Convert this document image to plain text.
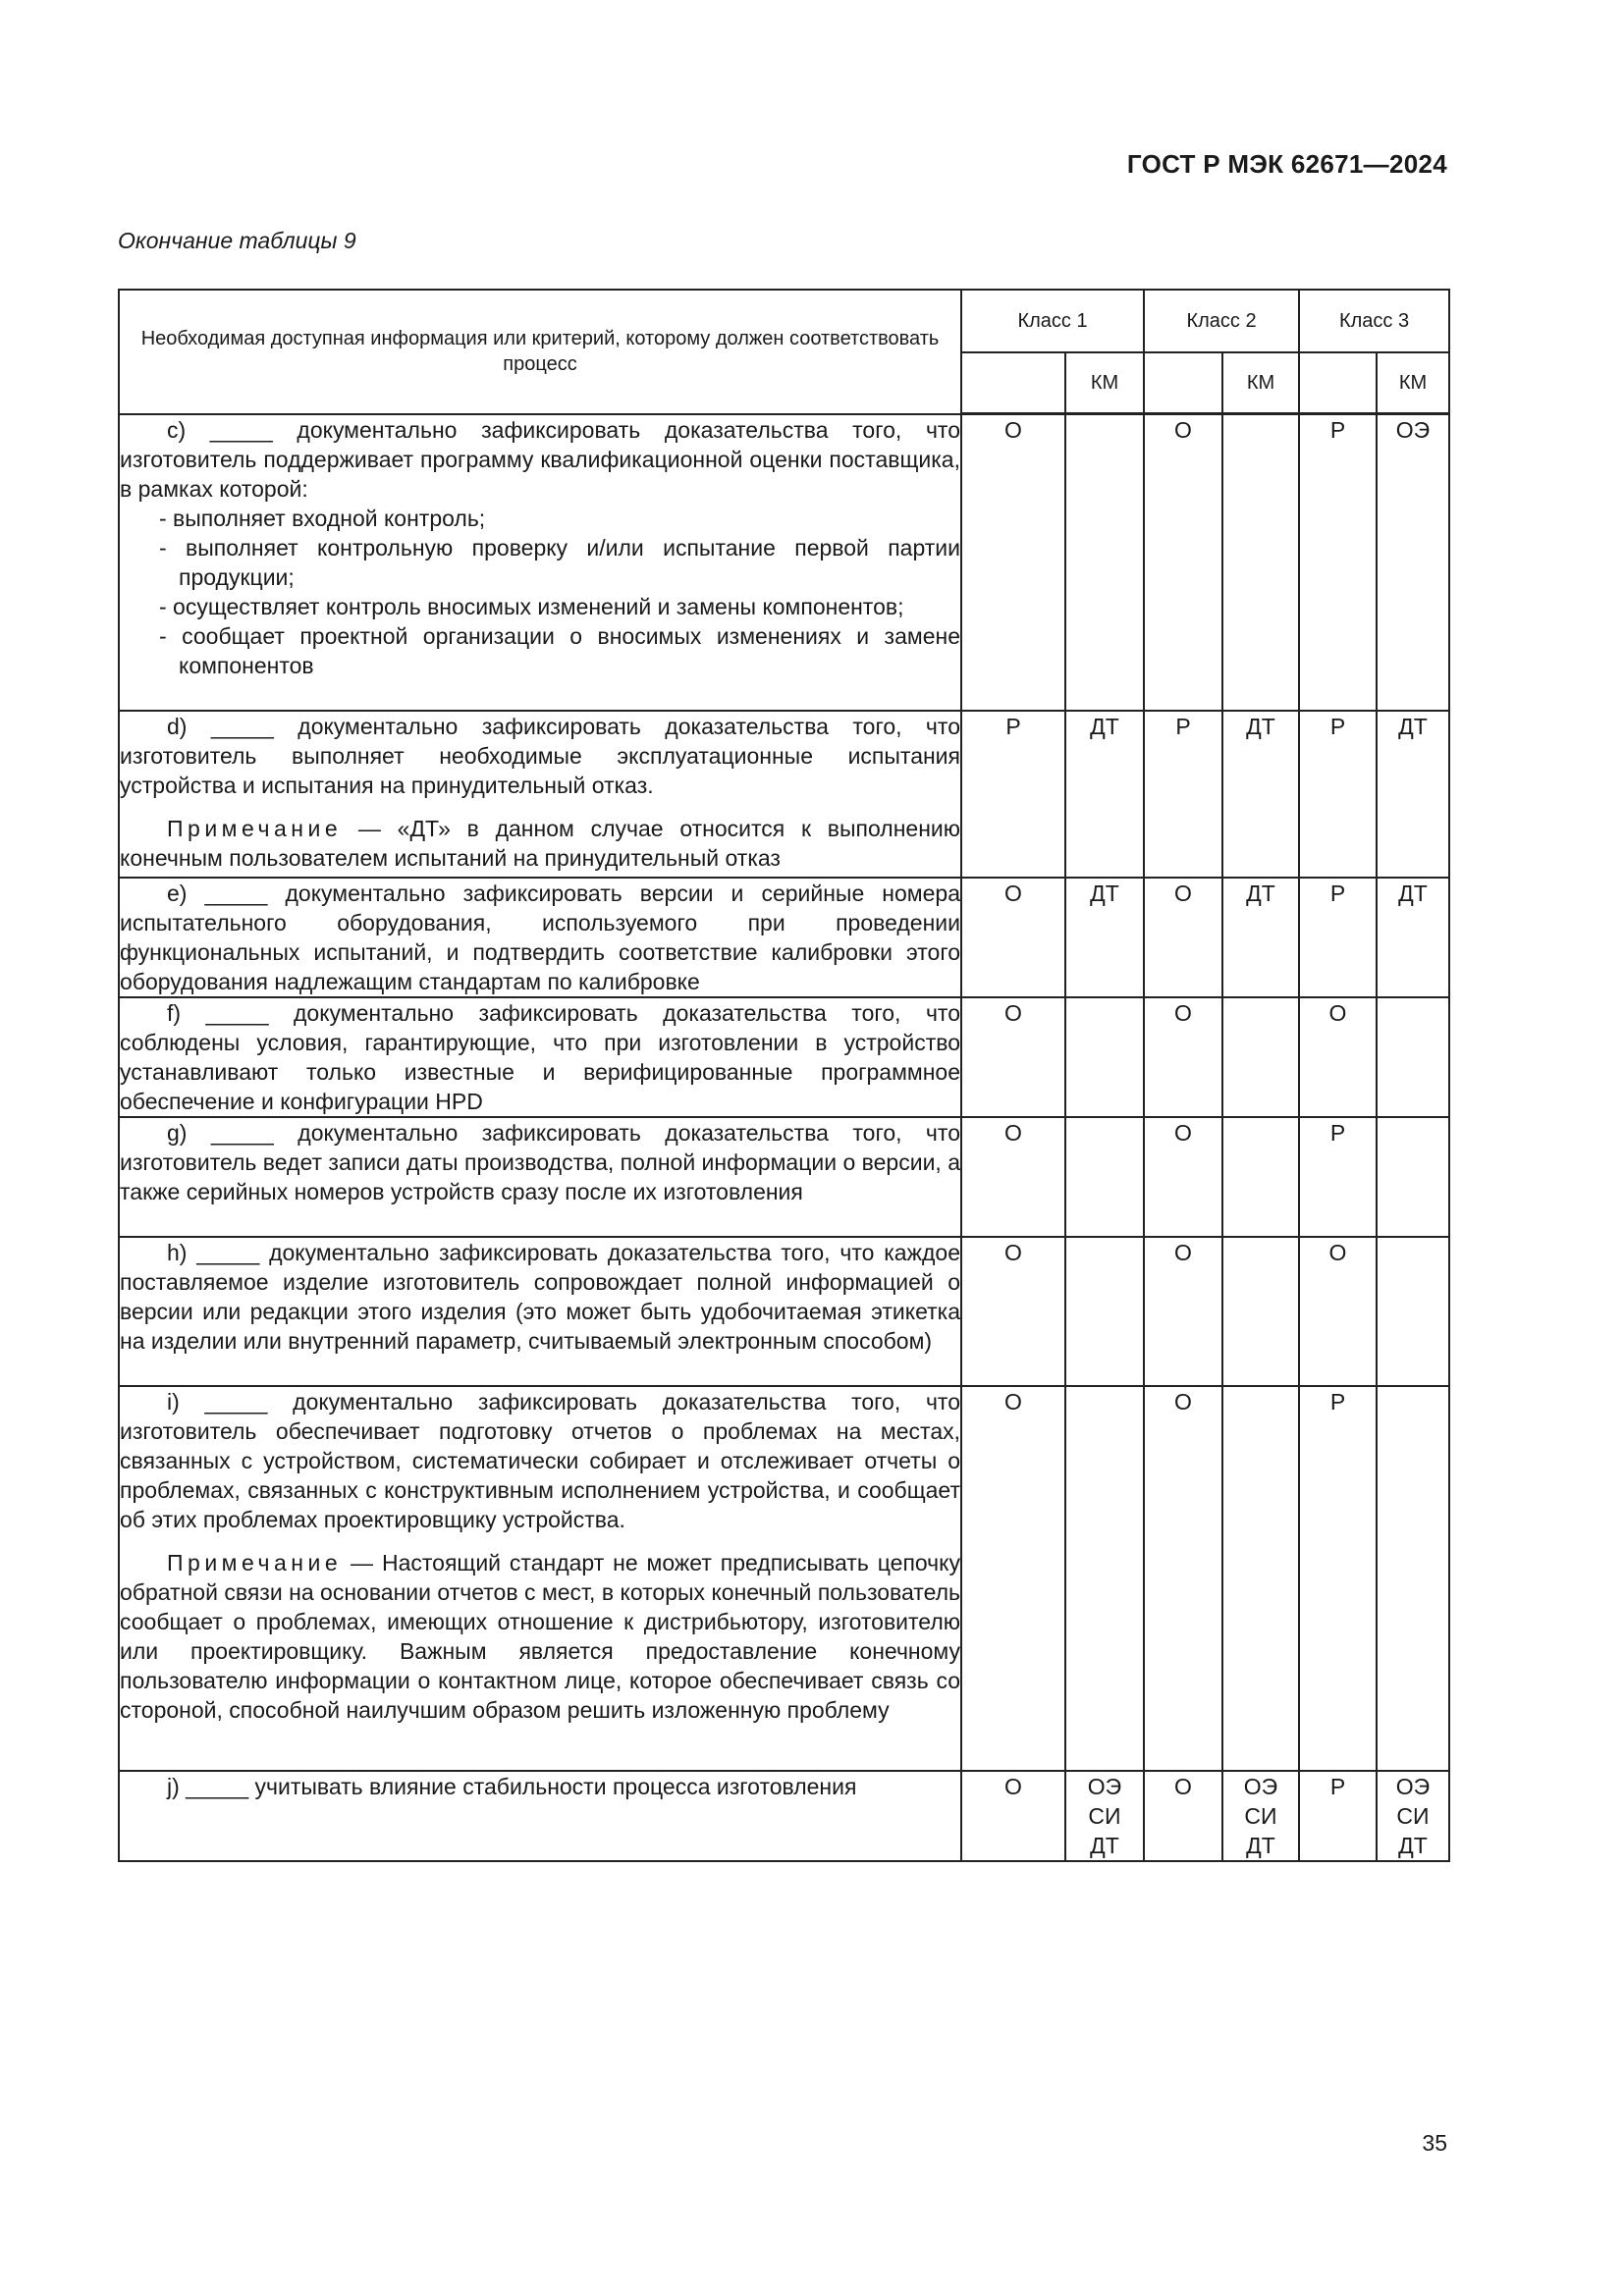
ГОСТ Р МЭК 62671—2024
Окончание таблицы 9
Необходимая доступная информация или критерий, которому должен соответствовать процесс	Класс 1		Класс 2		Класс 3	
		КМ		КМ		КМ

c) _____ документально зафиксировать доказательства того, что изготовитель поддерживает программу квалификационной оценки поставщика, в рамках которой:
- выполняет входной контроль;
- выполняет контрольную проверку и/или испытание первой партии продукции;
- осуществляет контроль вносимых изменений и замены компонентов;
- сообщает проектной организации о вносимых изменениях и замене компонентов	О		О		Р	ОЭ

d) _____ документально зафиксировать доказательства того, что изготовитель выполняет необходимые эксплуатационные испытания устройства и испытания на принудительный отказ.
Примечание — «ДТ» в данном случае относится к выполнению конечным пользователем испытаний на принудительный отказ	Р	ДТ	Р	ДТ	Р	ДТ

e) _____ документально зафиксировать версии и серийные номера испытательного оборудования, используемого при проведении функциональных испытаний, и подтвердить соответствие калибровки этого оборудования надлежащим стандартам по калибровке	О	ДТ	О	ДТ	Р	ДТ

f) _____ документально зафиксировать доказательства того, что соблюдены условия, гарантирующие, что при изготовлении в устройство устанавливают только известные и верифицированные программное обеспечение и конфигурации HPD	О		О		О	

g) _____ документально зафиксировать доказательства того, что изготовитель ведет записи даты производства, полной информации о версии, а также серийных номеров устройств сразу после их изготовления	О		О		Р	

h) _____ документально зафиксировать доказательства того, что каждое поставляемое изделие изготовитель сопровождает полной информацией о версии или редакции этого изделия (это может быть удобочитаемая этикетка на изделии или внутренний параметр, считываемый электронным способом)	О		О		О	

i) _____ документально зафиксировать доказательства того, что изготовитель обеспечивает подготовку отчетов о проблемах на местах, связанных с устройством, систематически собирает и отслеживает отчеты о проблемах, связанных с конструктивным исполнением устройства, и сообщает об этих проблемах проектировщику устройства.
Примечание — Настоящий стандарт не может предписывать цепочку обратной связи на основании отчетов с мест, в которых конечный пользователь сообщает о проблемах, имеющих отношение к дистрибьютору, изготовителю или проектировщику. Важным является предоставление конечному пользователю информации о контактном лице, которое обеспечивает связь со стороной, способной наилучшим образом решить изложенную проблему	О		О		Р	

j) _____ учитывать влияние стабильности процесса изготовления	О	ОЭ
СИ
ДТ	О	ОЭ
СИ
ДТ	Р	ОЭ
СИ
ДТ
35
